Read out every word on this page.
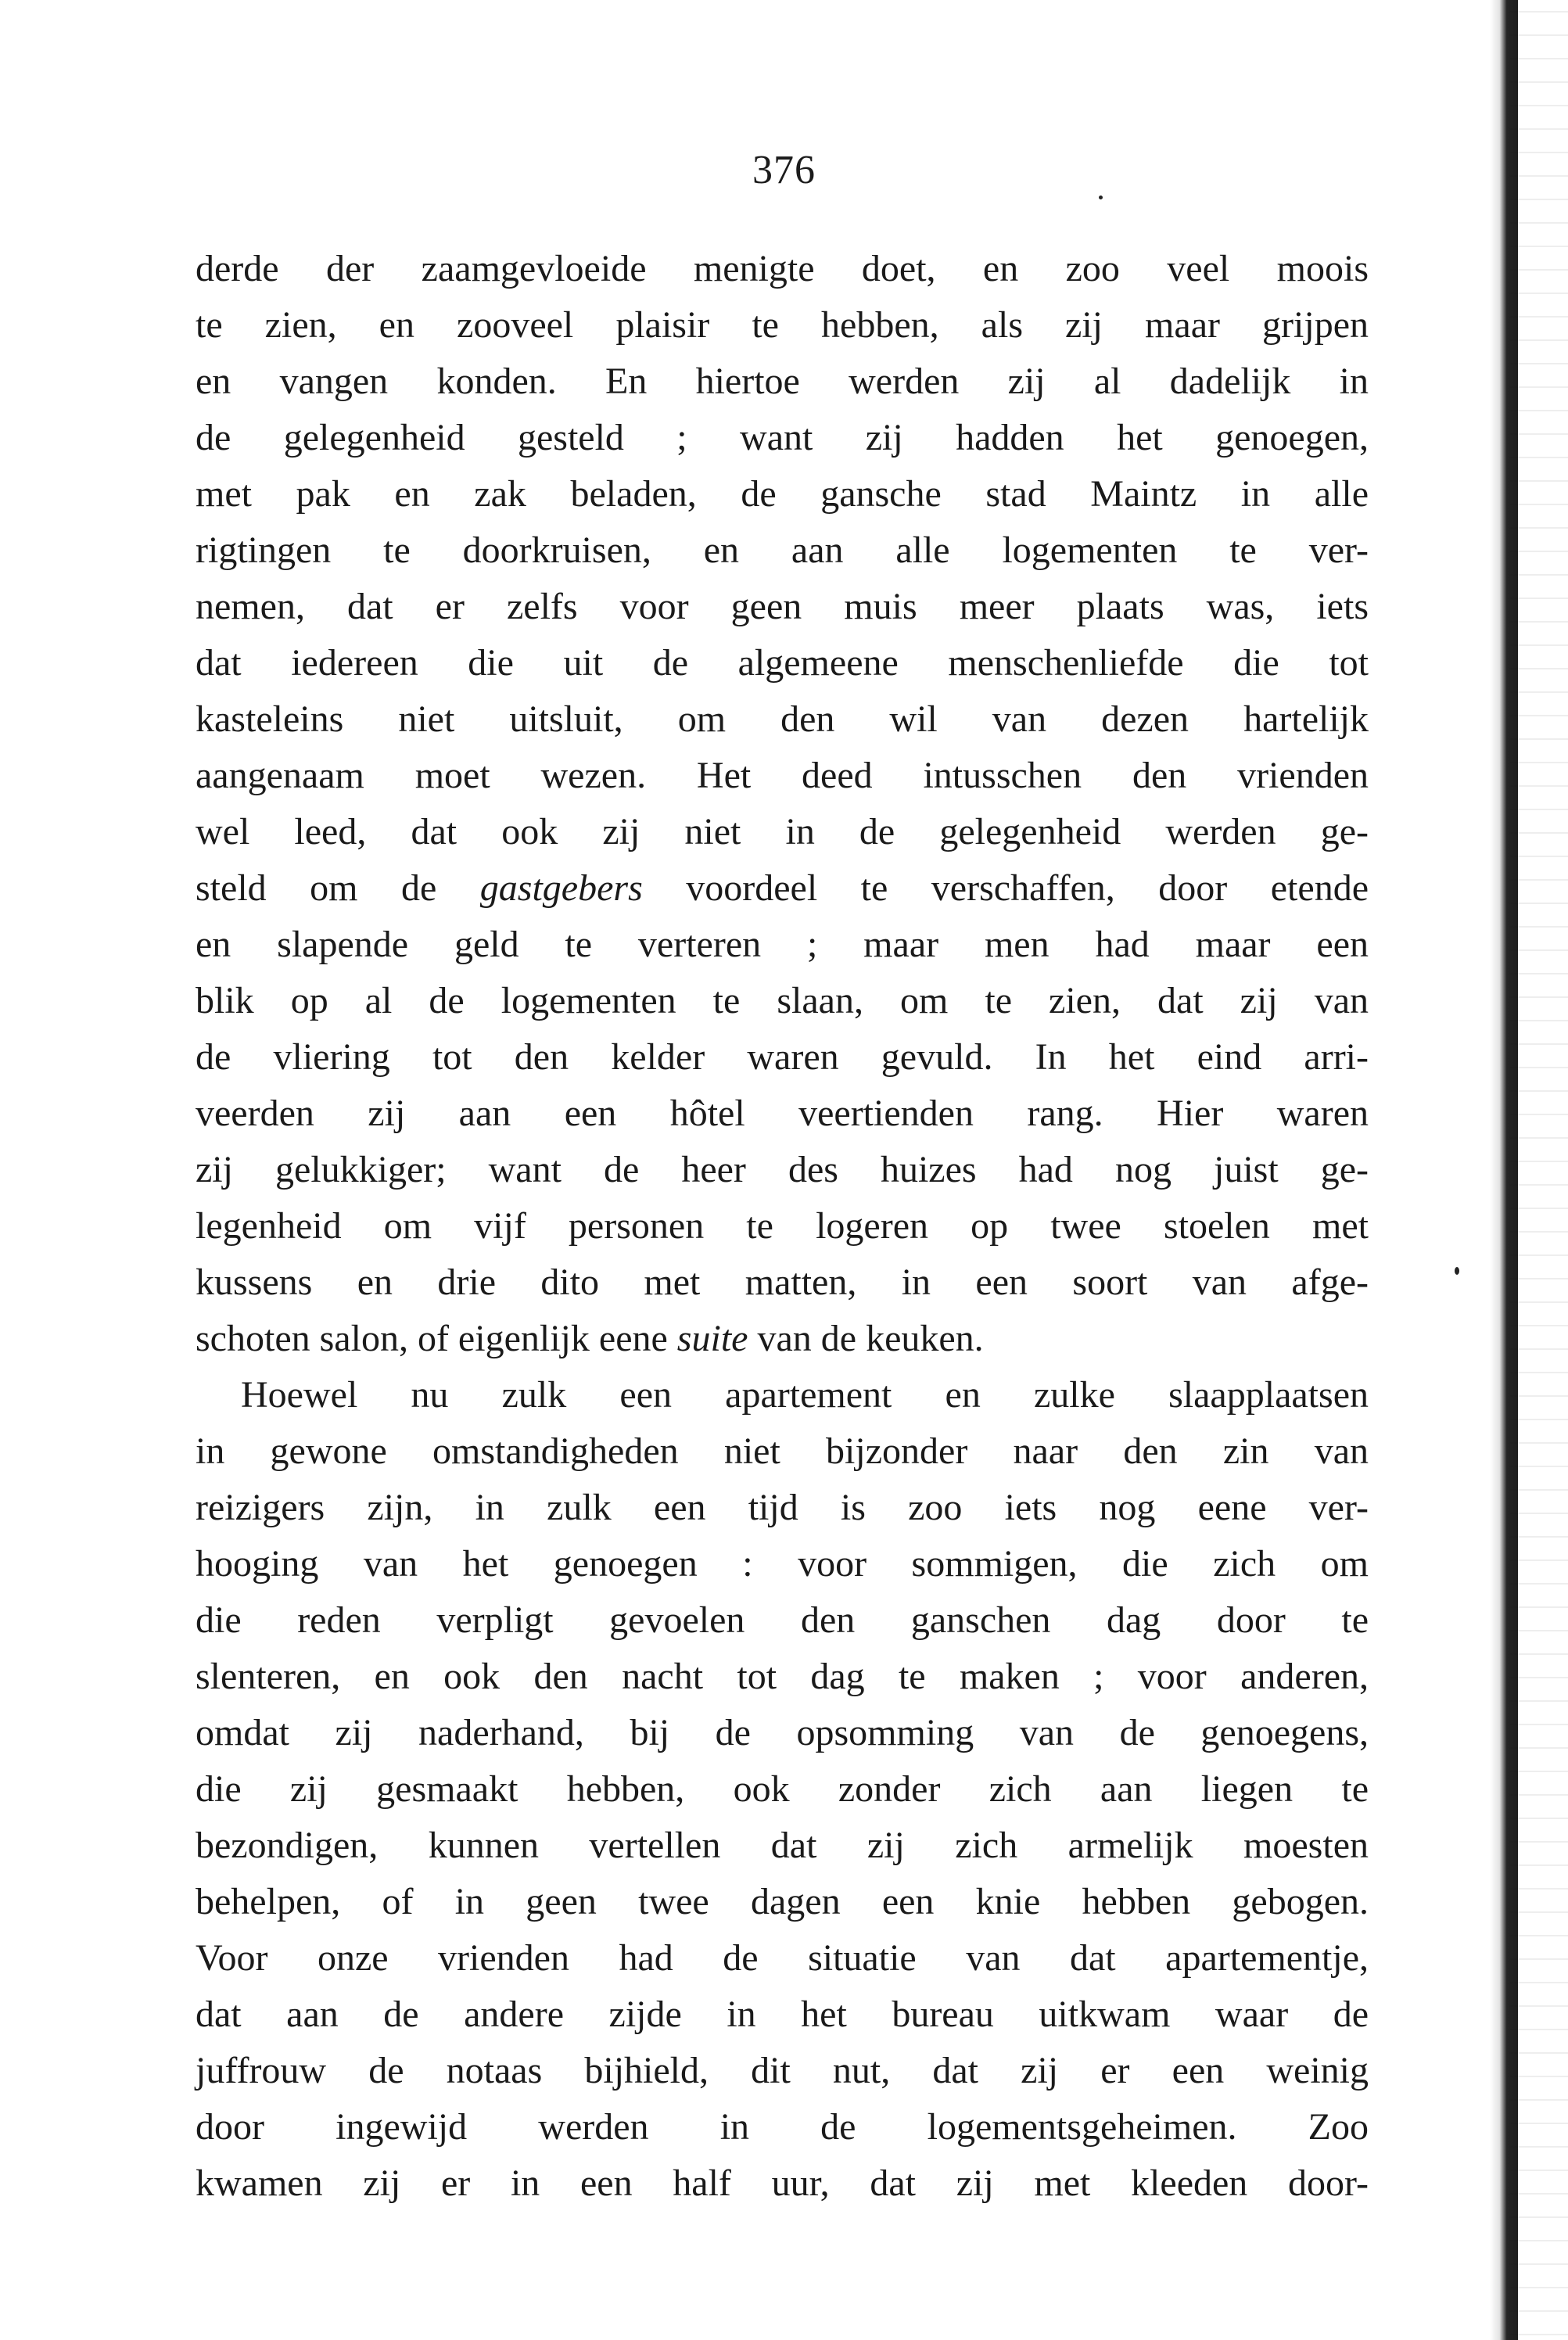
376
derde der zaamgevloeide menigte doet, en zoo veel moois
te zien, en zooveel plaisir te hebben, als zij maar grijpen
en vangen konden. En hiertoe werden zij al dadelijk in
de gelegenheid gesteld ; want zij hadden het genoegen,
met pak en zak beladen, de gansche stad Maintz in alle
rigtingen te doorkruisen, en aan alle logementen te ver-
nemen, dat er zelfs voor geen muis meer plaats was, iets
dat iedereen die uit de algemeene menschenliefde die tot
kasteleins niet uitsluit, om den wil van dezen hartelijk
aangenaam moet wezen. Het deed intusschen den vrienden
wel leed, dat ook zij niet in de gelegenheid werden ge-
steld om de gastgebers voordeel te verschaffen, door etende
en slapende geld te verteren ; maar men had maar een
blik op al de logementen te slaan, om te zien, dat zij van
de vliering tot den kelder waren gevuld. In het eind arri-
veerden zij aan een hôtel veertienden rang. Hier waren
zij gelukkiger; want de heer des huizes had nog juist ge-
legenheid om vijf personen te logeren op twee stoelen met
kussens en drie dito met matten, in een soort van afge-
schoten salon, of eigenlijk eene suite van de keuken.
Hoewel nu zulk een apartement en zulke slaapplaatsen
in gewone omstandigheden niet bijzonder naar den zin van
reizigers zijn, in zulk een tijd is zoo iets nog eene ver-
hooging van het genoegen : voor sommigen, die zich om
die reden verpligt gevoelen den ganschen dag door te
slenteren, en ook den nacht tot dag te maken ; voor anderen,
omdat zij naderhand, bij de opsomming van de genoegens,
die zij gesmaakt hebben, ook zonder zich aan liegen te
bezondigen, kunnen vertellen dat zij zich armelijk moesten
behelpen, of in geen twee dagen een knie hebben gebogen.
Voor onze vrienden had de situatie van dat apartementje,
dat aan de andere zijde in het bureau uitkwam waar de
juffrouw de notaas bijhield, dit nut, dat zij er een weinig
door ingewijd werden in de logementsgeheimen. Zoo
kwamen zij er in een half uur, dat zij met kleeden door-
